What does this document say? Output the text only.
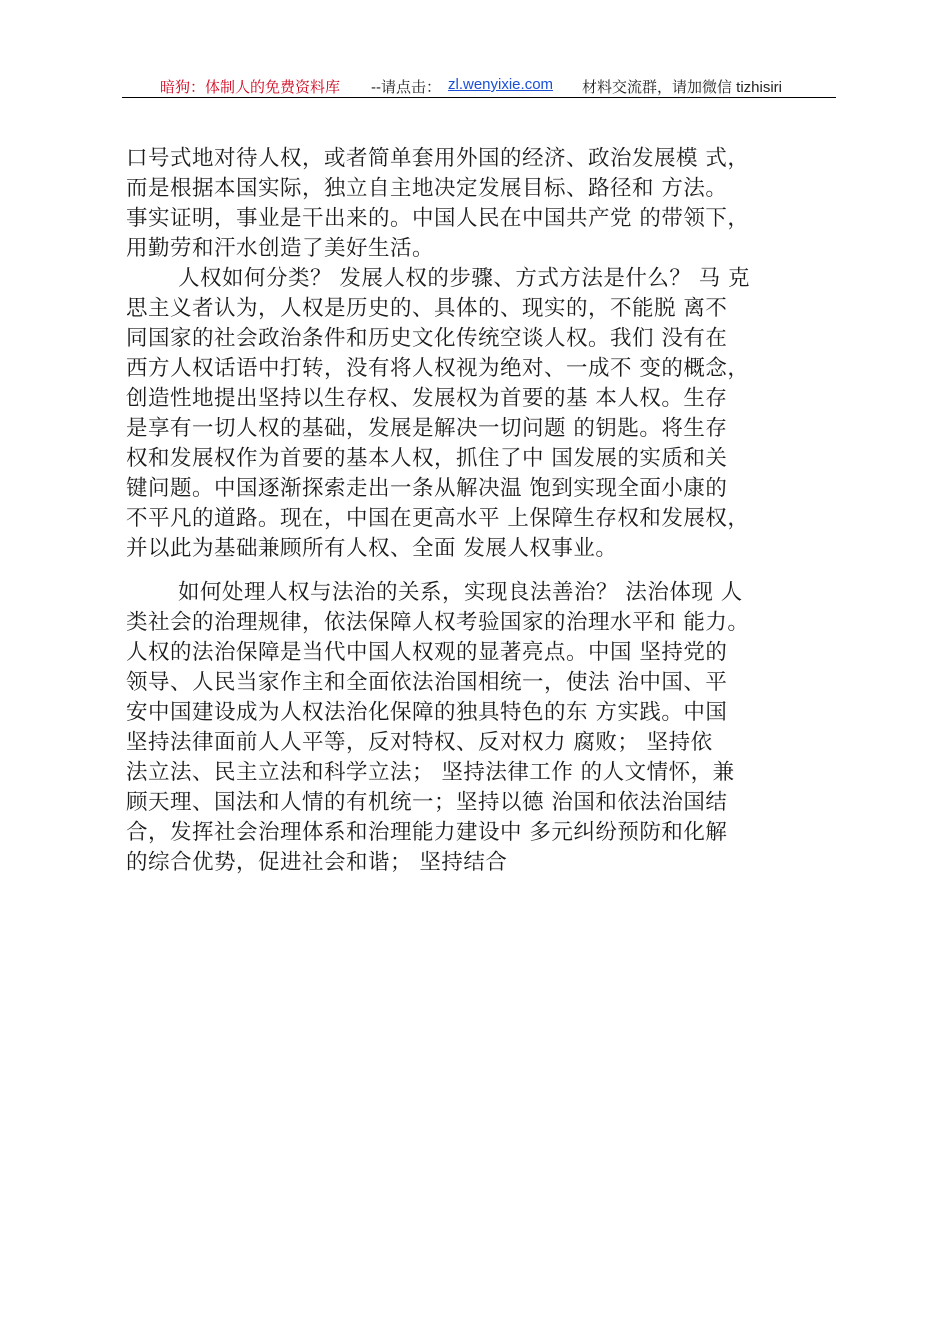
暗狗：体制人的免费资料库 --请点击： zl.wenyixie.com 材料交流群，请加微信 tizhisiri
口号式地对待人权，或者简单套用外国的经济、政治发展模 式，
而是根据本国实际，独立自主地决定发展目标、路径和 方法。
事实证明，事业是干出来的。中国人民在中国共产党 的带领下，
用勤劳和汗水创造了美好生活。
人权如何分类？ 发展人权的步骤、方式方法是什么？ 马 克
思主义者认为，人权是历史的、具体的、现实的，不能脱 离不
同国家的社会政治条件和历史文化传统空谈人权。我们 没有在
西方人权话语中打转，没有将人权视为绝对、一成不 变的概念，
创造性地提出坚持以生存权、发展权为首要的基 本人权。生存
是享有一切人权的基础，发展是解决一切问题 的钥匙。将生存
权和发展权作为首要的基本人权，抓住了中 国发展的实质和关
键问题。中国逐渐探索走出一条从解决温 饱到实现全面小康的
不平凡的道路。现在，中国在更高水平 上保障生存权和发展权，
并以此为基础兼顾所有人权、全面 发展人权事业。
如何处理人权与法治的关系，实现良法善治？ 法治体现 人
类社会的治理规律，依法保障人权考验国家的治理水平和 能力。
人权的法治保障是当代中国人权观的显著亮点。中国 坚持党的
领导、人民当家作主和全面依法治国相统一，使法 治中国、平
安中国建设成为人权法治化保障的独具特色的东 方实践。中国
坚持法律面前人人平等，反对特权、反对权力 腐败； 坚持依
法立法、民主立法和科学立法； 坚持法律工作 的人文情怀，兼
顾天理、国法和人情的有机统一；坚持以德 治国和依法治国结
合，发挥社会治理体系和治理能力建设中 多元纠纷预防和化解
的综合优势，促进社会和谐； 坚持结合
